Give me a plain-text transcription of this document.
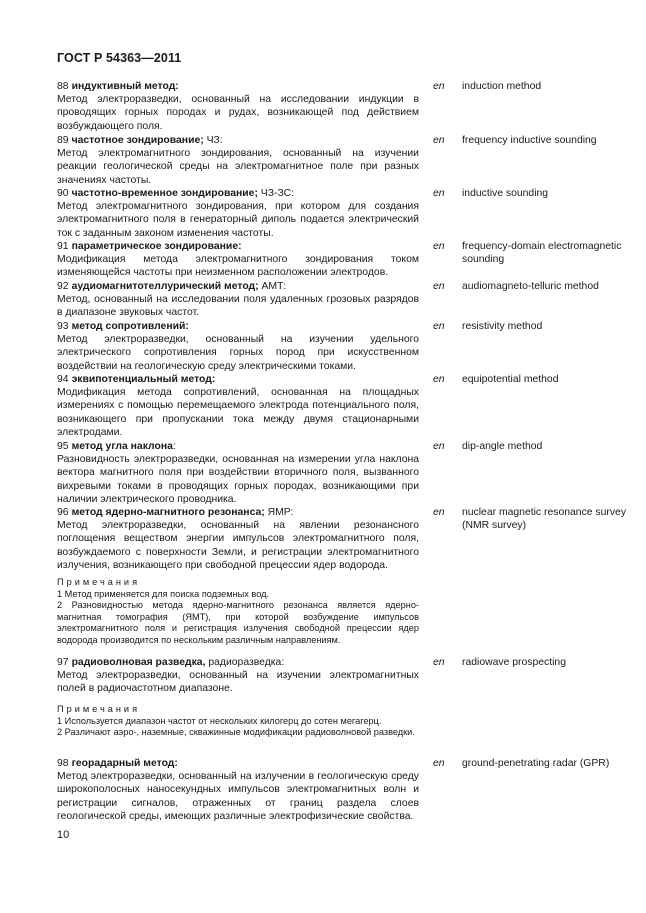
ГОСТ Р 54363—2011
88 индуктивный метод:
Метод электроразведки, основанный на исследовании индукции в проводящих горных породах и рудах, возникающей под действием возбуждающего поля.
en induction method
89 частотное зондирование; ЧЗ:
Метод электромагнитного зондирования, основанный на изучении реакции геологической среды на электромагнитное поле при разных значениях частоты.
en frequency inductive sounding
90 частотно-временное зондирование; ЧЗ-ЗС:
Метод электромагнитного зондирования, при котором для создания электромагнитного поля в генераторный диполь подается электрический ток с заданным законом изменения частоты.
en inductive sounding
91 параметрическое зондирование:
Модификация метода электромагнитного зондирования током изменяющейся частоты при неизменном расположении электродов.
en frequency-domain electromagnetic sounding
92 аудиомагнитотеллурический метод; АМТ:
Метод, основанный на исследовании поля удаленных грозовых разрядов в диапазоне звуковых частот.
en audiomagneto-telluric method
93 метод сопротивлений:
Метод электроразведки, основанный на изучении удельного электрического сопротивления горных пород при искусственном воздействии на геологическую среду электрическими токами.
en resistivity method
94 эквипотенциальный метод:
Модификация метода сопротивлений, основанная на площадных измерениях с помощью перемещаемого электрода потенциального поля, возникающего при пропускании тока между двумя стационарными электродами.
en equipotential method
95 метод угла наклона:
Разновидность электроразведки, основанная на измерении угла наклона вектора магнитного поля при воздействии вторичного поля, вызванного вихревыми токами в проводящих горных породах, возникающими при наличии электрического проводника.
en dip-angle method
96 метод ядерно-магнитного резонанса; ЯМР:
Метод электроразведки, основанный на явлении резонансного поглощения веществом энергии импульсов электромагнитного поля, возбуждаемого с поверхности Земли, и регистрации электромагнитного излучения, возникающего при свободной прецессии ядер водорода.
en nuclear magnetic resonance survey (NMR survey)
Примечания
1 Метод применяется для поиска подземных вод.
2 Разновидностью метода ядерно-магнитного резонанса является ядерно-магнитная томография (ЯМТ), при которой возбуждение импульсов электромагнитного поля и регистрация излучения свободной прецессии ядер водорода производится по нескольким различным направлениям.
97 радиоволновая разведка, радиоразведка:
Метод электроразведки, основанный на изучении электромагнитных полей в радиочастотном диапазоне.
en radiowave prospecting
Примечания
1 Используется диапазон частот от нескольких килогерц до сотен мегагерц.
2 Различают аэро-, наземные, скважинные модификации радиоволновой разведки.
98 георадарный метод:
Метод электроразведки, основанный на излучении в геологическую среду широкополосных наносекундных импульсов электромагнитных волн и регистрации сигналов, отраженных от границ раздела слоев геологической среды, имеющих различные электрофизические свойства.
en ground-penetrating radar (GPR)
10
